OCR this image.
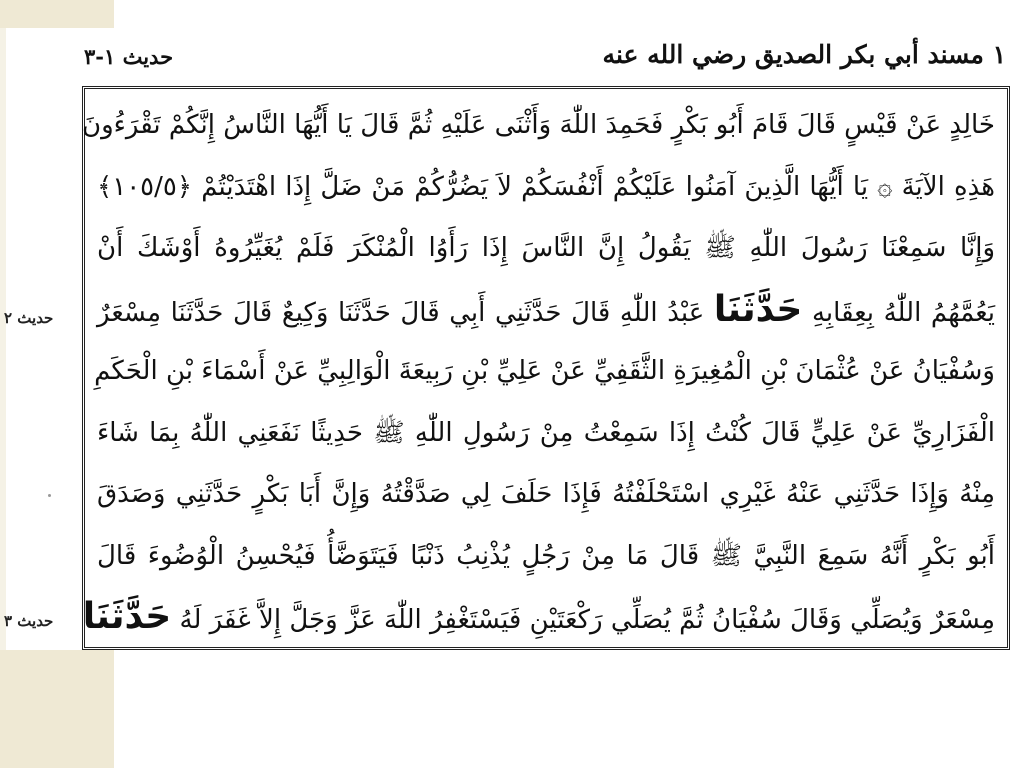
١ مسند أبي بكر الصديق رضي الله عنه
حديث ١-٣
حديث ٢
حديث ٣
خَالِدٍ عَنْ قَيْسٍ قَالَ قَامَ أَبُو بَكْرٍ فَحَمِدَ اللّٰهَ وَأَثْنَى عَلَيْهِ ثُمَّ قَالَ يَا أَيُّهَا النَّاسُ إِنَّكُمْ تَقْرَءُونَ
هَذِهِ الآيَةَ ۞ يَا أَيُّهَا الَّذِينَ آمَنُوا عَلَيْكُمْ أَنْفُسَكُمْ لاَ يَضُرُّكُمْ مَنْ ضَلَّ إِذَا اهْتَدَيْتُمْ ﴿١٠٥/٥﴾
وَإِنَّا سَمِعْنَا رَسُولَ اللّٰهِ ﷺ يَقُولُ إِنَّ النَّاسَ إِذَا رَأَوُا الْمُنْكَرَ فَلَمْ يُغَيِّرُوهُ أَوْشَكَ أَنْ
يَعُمَّهُمُ اللّٰهُ بِعِقَابِهِ حَدَّثَنَا عَبْدُ اللّٰهِ قَالَ حَدَّثَنِي أَبِي قَالَ حَدَّثَنَا وَكِيعٌ قَالَ حَدَّثَنَا مِسْعَرٌ
وَسُفْيَانُ عَنْ عُثْمَانَ بْنِ الْمُغِيرَةِ الثَّقَفِيِّ عَنْ عَلِيِّ بْنِ رَبِيعَةَ الْوَالِبِيِّ عَنْ أَسْمَاءَ بْنِ الْحَكَمِ
الْفَزَارِيِّ عَنْ عَلِيٍّ قَالَ كُنْتُ إِذَا سَمِعْتُ مِنْ رَسُولِ اللّٰهِ ﷺ حَدِيثًا نَفَعَنِي اللّٰهُ بِمَا شَاءَ
مِنْهُ وَإِذَا حَدَّثَنِي عَنْهُ غَيْرِي اسْتَحْلَفْتُهُ فَإِذَا حَلَفَ لِي صَدَّقْتُهُ وَإِنَّ أَبَا بَكْرٍ حَدَّثَنِي وَصَدَقَ
أَبُو بَكْرٍ أَنَّهُ سَمِعَ النَّبِيَّ ﷺ قَالَ مَا مِنْ رَجُلٍ يُذْنِبُ ذَنْبًا فَيَتَوَضَّأُ فَيُحْسِنُ الْوُضُوءَ قَالَ
مِسْعَرٌ وَيُصَلِّي وَقَالَ سُفْيَانُ ثُمَّ يُصَلِّي رَكْعَتَيْنِ فَيَسْتَغْفِرُ اللّٰهَ عَزَّ وَجَلَّ إِلاَّ غَفَرَ لَهُ حَدَّثَنَا
